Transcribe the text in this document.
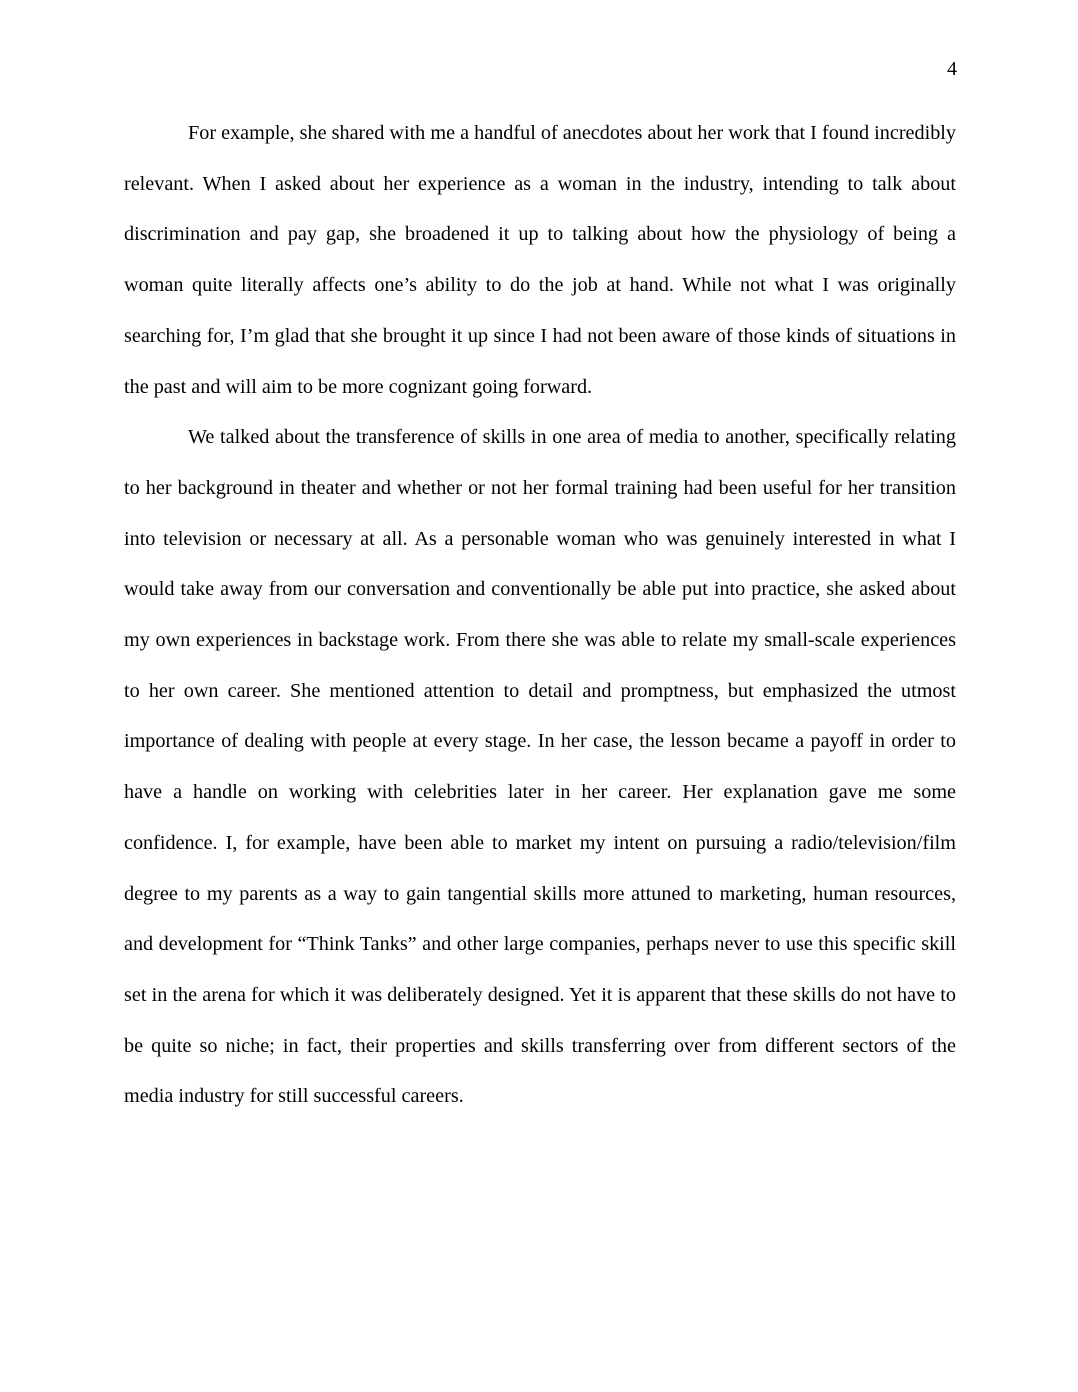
4

For example, she shared with me a handful of anecdotes about her work that I found incredibly relevant. When I asked about her experience as a woman in the industry, intending to talk about discrimination and pay gap, she broadened it up to talking about how the physiology of being a woman quite literally affects one’s ability to do the job at hand. While not what I was originally searching for, I’m glad that she brought it up since I had not been aware of those kinds of situations in the past and will aim to be more cognizant going forward.

We talked about the transference of skills in one area of media to another, specifically relating to her background in theater and whether or not her formal training had been useful for her transition into television or necessary at all. As a personable woman who was genuinely interested in what I would take away from our conversation and conventionally be able put into practice, she asked about my own experiences in backstage work. From there she was able to relate my small-scale experiences to her own career. She mentioned attention to detail and promptness, but emphasized the utmost importance of dealing with people at every stage. In her case, the lesson became a payoff in order to have a handle on working with celebrities later in her career. Her explanation gave me some confidence. I, for example, have been able to market my intent on pursuing a radio/television/film degree to my parents as a way to gain tangential skills more attuned to marketing, human resources, and development for “Think Tanks” and other large companies, perhaps never to use this specific skill set in the arena for which it was deliberately designed. Yet it is apparent that these skills do not have to be quite so niche; in fact, their properties and skills transferring over from different sectors of the media industry for still successful careers.
